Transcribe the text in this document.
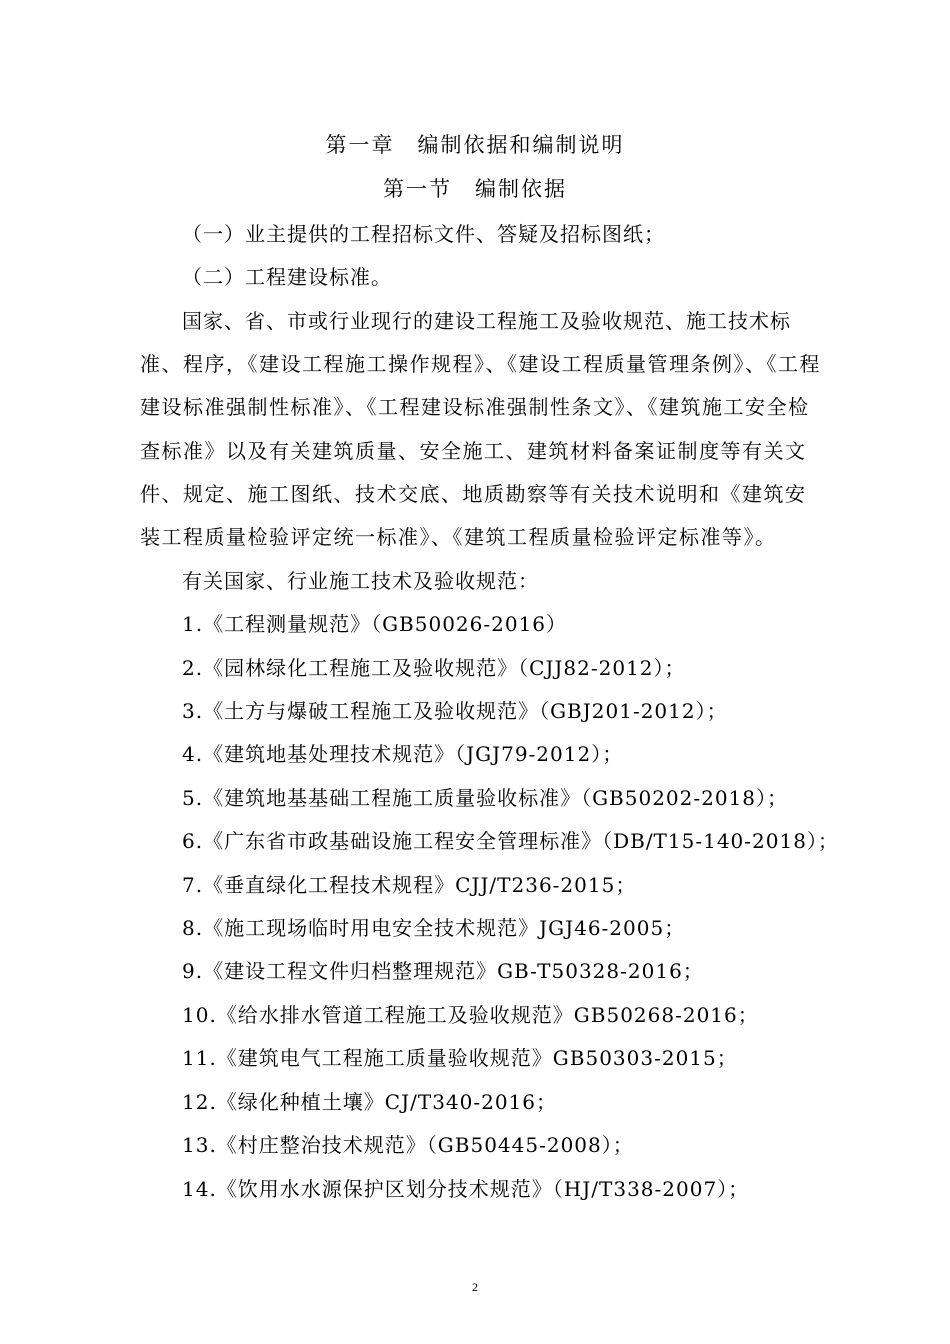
第一章　编制依据和编制说明
第一节　编制依据
（一）业主提供的工程招标文件、答疑及招标图纸；
（二）工程建设标准。
国家、省、市或行业现行的建设工程施工及验收规范、施工技术标
准、程序，《建设工程施工操作规程》、《建设工程质量管理条例》、《工程
建设标准强制性标准》、《工程建设标准强制性条文》、《建筑施工安全检
查标准》以及有关建筑质量、安全施工、建筑材料备案证制度等有关文
件、规定、施工图纸、技术交底、地质勘察等有关技术说明和《建筑安
装工程质量检验评定统一标准》、《建筑工程质量检验评定标准等》。
有关国家、行业施工技术及验收规范：
1.《工程测量规范》（GB50026-2016）
2.《园林绿化工程施工及验收规范》（CJJ82-2012）；
3.《土方与爆破工程施工及验收规范》（GBJ201-2012）；
4.《建筑地基处理技术规范》（JGJ79-2012）；
5.《建筑地基基础工程施工质量验收标准》（GB50202-2018）；
6.《广东省市政基础设施工程安全管理标准》（DB/T15-140-2018）；
7.《垂直绿化工程技术规程》CJJ/T236-2015；
8.《施工现场临时用电安全技术规范》JGJ46-2005；
9.《建设工程文件归档整理规范》GB-T50328-2016；
10.《给水排水管道工程施工及验收规范》GB50268-2016；
11.《建筑电气工程施工质量验收规范》GB50303-2015；
12.《绿化种植土壤》CJ/T340-2016；
13.《村庄整治技术规范》（GB50445-2008）；
14.《饮用水水源保护区划分技术规范》（HJ/T338-2007）；
2
